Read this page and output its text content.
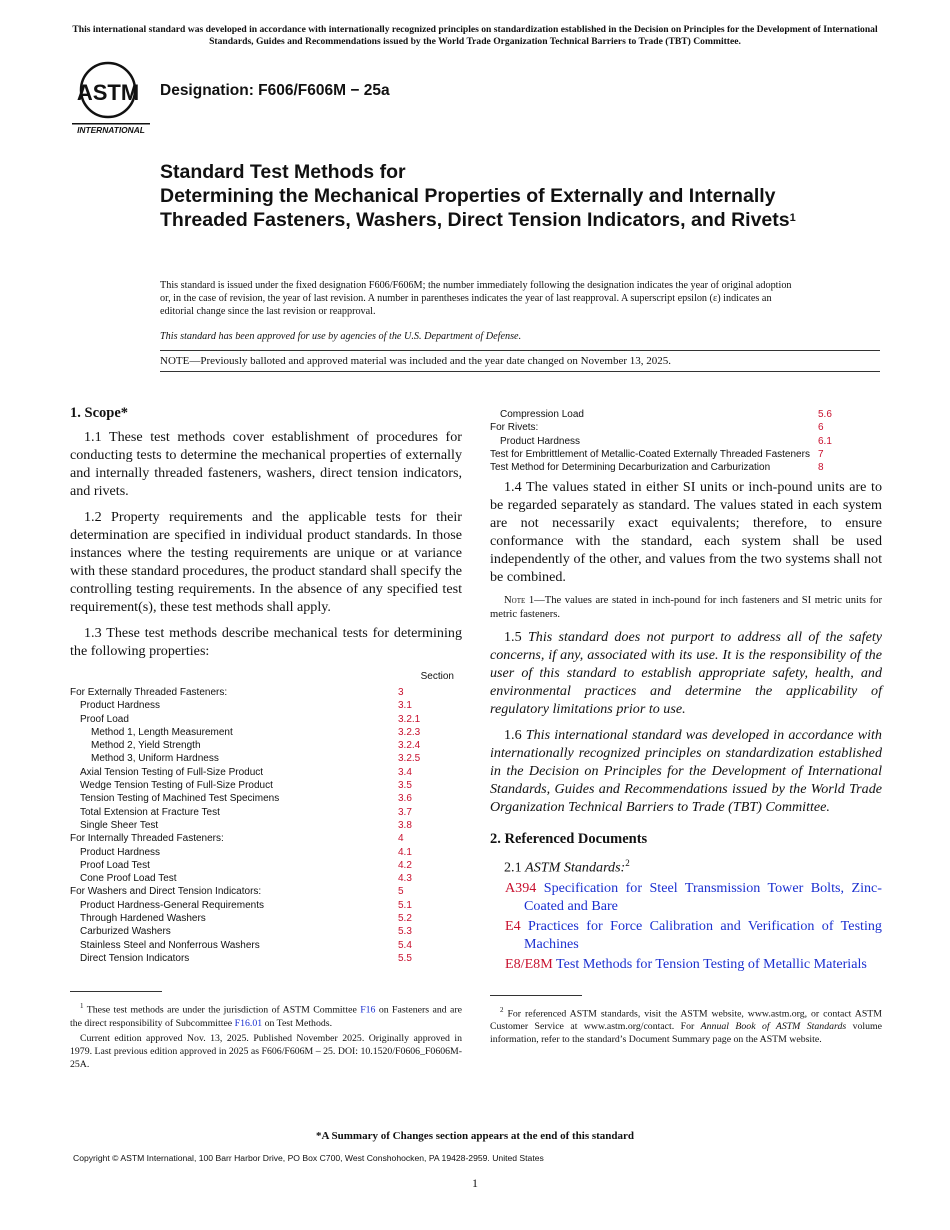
This international standard was developed in accordance with internationally recognized principles on standardization established in the Decision on Principles for the Development of International Standards, Guides and Recommendations issued by the World Trade Organization Technical Barriers to Trade (TBT) Committee.
ASTM
INTERNATIONAL
Designation: F606/F606M − 25a
Standard Test Methods for
Determining the Mechanical Properties of Externally and Internally Threaded Fasteners, Washers, Direct Tension Indicators, and Rivets$^1$
This standard is issued under the fixed designation F606/F606M; the number immediately following the designation indicates the year of original adoption or, in the case of revision, the year of last revision. A number in parentheses indicates the year of last reapproval. A superscript epsilon (ε) indicates an editorial change since the last revision or reapproval.
This standard has been approved for use by agencies of the U.S. Department of Defense.
NOTE—Previously balloted and approved material was included and the year date changed on November 13, 2025.
1. Scope*

1.1 These test methods cover establishment of procedures for conducting tests to determine the mechanical properties of externally and internally threaded fasteners, washers, direct tension indicators, and rivets.

1.2 Property requirements and the applicable tests for their determination are specified in individual product standards. In those instances where the testing requirements are unique or at variance with these standard procedures, the product standard shall specify the controlling testing requirements. In the absence of any specified test requirement(s), these test methods shall apply.

1.3 These test methods describe mechanical tests for determining the following properties:

Section
For Externally Threaded Fasteners:	3
Product Hardness	3.1
Proof Load	3.2.1
Method 1, Length Measurement	3.2.3
Method 2, Yield Strength	3.2.4
Method 3, Uniform Hardness	3.2.5
Axial Tension Testing of Full-Size Product	3.4
Wedge Tension Testing of Full-Size Product	3.5
Tension Testing of Machined Test Specimens	3.6
Total Extension at Fracture Test	3.7
Single Sheer Test	3.8
For Internally Threaded Fasteners:	4
Product Hardness	4.1
Proof Load Test	4.2
Cone Proof Load Test	4.3
For Washers and Direct Tension Indicators:	5
Product Hardness-General Requirements	5.1
Through Hardened Washers	5.2
Carburized Washers	5.3
Stainless Steel and Nonferrous Washers	5.4
Direct Tension Indicators	5.5
$^1$ These test methods are under the jurisdiction of ASTM Committee F16 on Fasteners and are the direct responsibility of Subcommittee F16.01 on Test Methods.
Current edition approved Nov. 13, 2025. Published November 2025. Originally approved in 1979. Last previous edition approved in 2025 as F606/F606M – 25. DOI: 10.1520/F0606_F0606M-25A.
Compression Load	5.6
For Rivets:	6
Product Hardness	6.1
Test for Embrittlement of Metallic-Coated Externally Threaded Fasteners	7
Test Method for Determining Decarburization and Carburization	8

1.4 The values stated in either SI units or inch-pound units are to be regarded separately as standard. The values stated in each system are not necessarily exact equivalents; therefore, to ensure conformance with the standard, each system shall be used independently of the other, and values from the two systems shall not be combined.

Note 1—The values are stated in inch-pound for inch fasteners and SI metric units for metric fasteners.

1.5 This standard does not purport to address all of the safety concerns, if any, associated with its use. It is the responsibility of the user of this standard to establish appropriate safety, health, and environmental practices and determine the applicability of regulatory limitations prior to use.

1.6 This international standard was developed in accordance with internationally recognized principles on standardization established in the Decision on Principles for the Development of International Standards, Guides and Recommendations issued by the World Trade Organization Technical Barriers to Trade (TBT) Committee.

2. Referenced Documents

2.1 ASTM Standards:$^2$

A394 Specification for Steel Transmission Tower Bolts, Zinc-Coated and Bare
E4 Practices for Force Calibration and Verification of Testing Machines
E8/E8M Test Methods for Tension Testing of Metallic Materials
$^2$ For referenced ASTM standards, visit the ASTM website, www.astm.org, or contact ASTM Customer Service at www.astm.org/contact. For Annual Book of ASTM Standards volume information, refer to the standard’s Document Summary page on the ASTM website.
*A Summary of Changes section appears at the end of this standard
Copyright © ASTM International, 100 Barr Harbor Drive, PO Box C700, West Conshohocken, PA 19428-2959. United States
1
